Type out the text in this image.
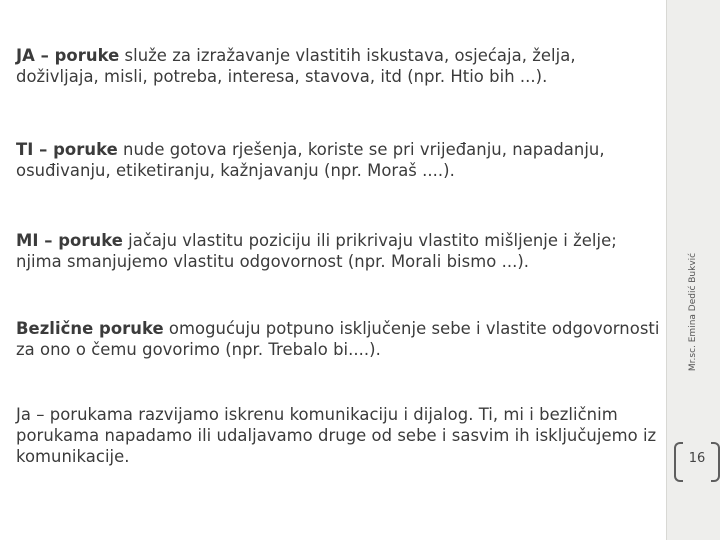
JA – poruke služe za izražavanje vlastitih iskustava, osjećaja, želja, doživljaja, misli, potreba, interesa, stavova, itd (npr. Htio bih ...).
TI – poruke nude gotova rješenja, koriste se pri vrijeđanju, napadanju, osuđivanju, etiketiranju, kažnjavanju (npr. Moraš ....).
MI – poruke jačaju vlastitu poziciju ili prikrivaju vlastito mišljenje i želje; njima smanjujemo vlastitu odgovornost (npr. Morali bismo ...).
Bezlične poruke omogućuju potpuno isključenje sebe i vlastite odgovornosti za ono o čemu govorimo (npr. Trebalo bi....).
Ja – porukama razvijamo iskrenu komunikaciju i dijalog. Ti, mi i bezličnim porukama napadamo ili udaljavamo druge od sebe i sasvim ih isključujemo iz komunikacije.
Mr.sc. Emina Dedić Bukvić
16
